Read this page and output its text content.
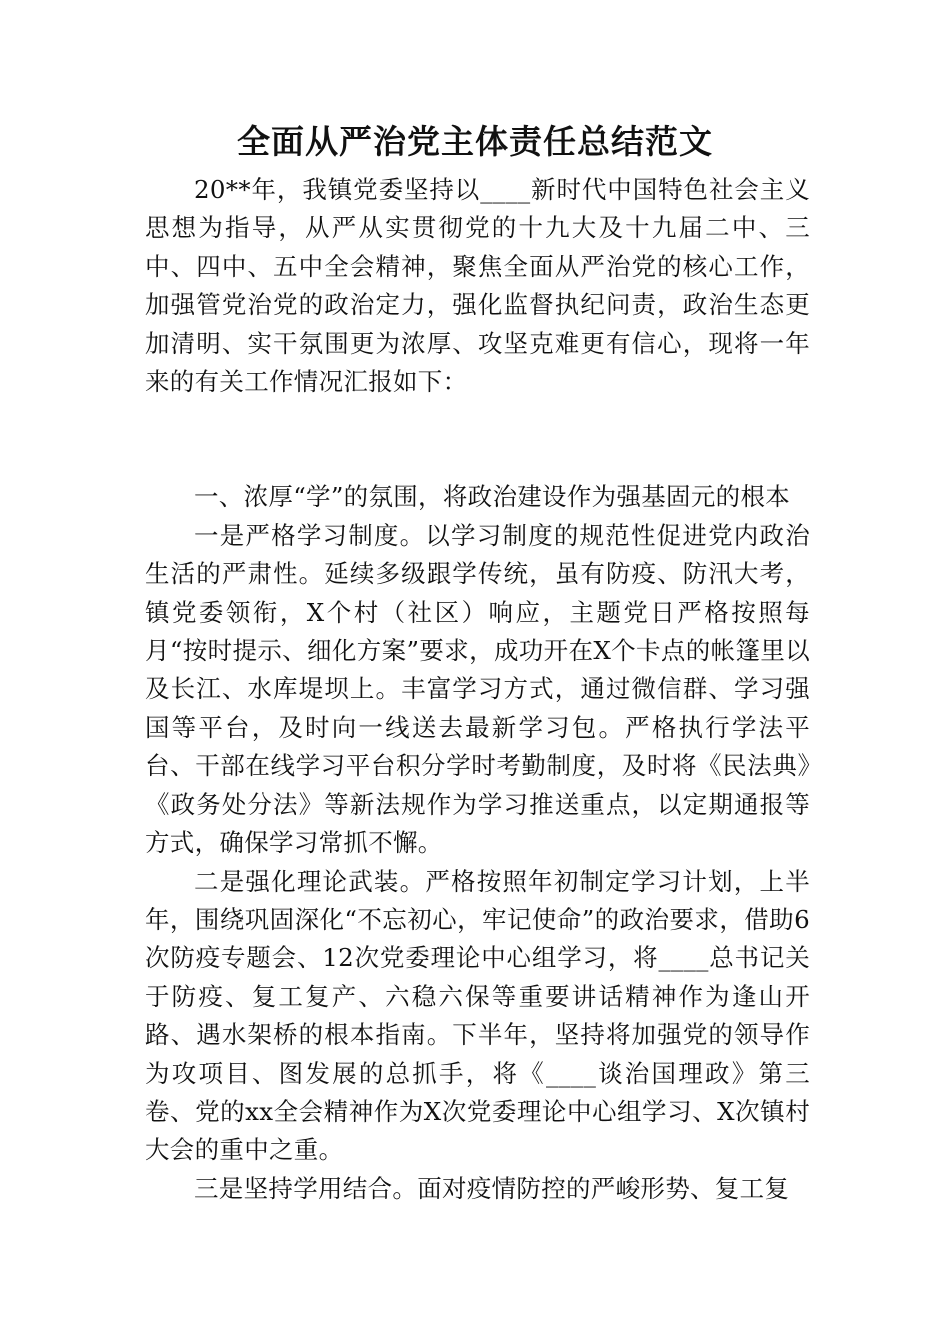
全面从严治党主体责任总结范文

20**年，我镇党委坚持以____新时代中国特色社会主义思想为指导，从严从实贯彻党的十九大及十九届二中、三中、四中、五中全会精神，聚焦全面从严治党的核心工作，加强管党治党的政治定力，强化监督执纪问责，政治生态更加清明、实干氛围更为浓厚、攻坚克难更有信心，现将一年来的有关工作情况汇报如下：

一、浓厚“学”的氛围，将政治建设作为强基固元的根本

一是严格学习制度。以学习制度的规范性促进党内政治生活的严肃性。延续多级跟学传统，虽有防疫、防汛大考，镇党委领衔，X个村（社区）响应，主题党日严格按照每月“按时提示、细化方案”要求，成功开在X个卡点的帐篷里以及长江、水库堤坝上。丰富学习方式，通过微信群、学习强国等平台，及时向一线送去最新学习包。严格执行学法平台、干部在线学习平台积分学时考勤制度，及时将《民法典》《政务处分法》等新法规作为学习推送重点，以定期通报等方式，确保学习常抓不懈。

二是强化理论武装。严格按照年初制定学习计划，上半年，围绕巩固深化“不忘初心，牢记使命”的政治要求，借助6次防疫专题会、12次党委理论中心组学习，将____总书记关于防疫、复工复产、六稳六保等重要讲话精神作为逢山开路、遇水架桥的根本指南。下半年，坚持将加强党的领导作为攻项目、图发展的总抓手，将《____谈治国理政》第三卷、党的xx全会精神作为X次党委理论中心组学习、X次镇村大会的重中之重。

三是坚持学用结合。面对疫情防控的严峻形势、复工复
